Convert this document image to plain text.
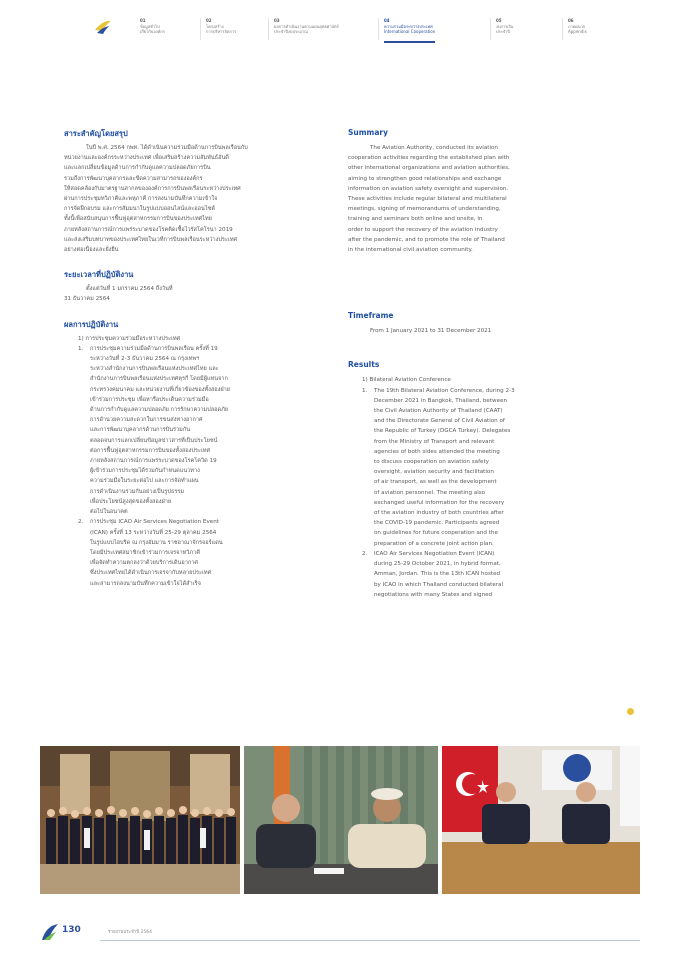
01
ข้อมูลทั่วไป
เกี่ยวกับองค์กร
02
โครงสร้าง
การบริหารจัดการ
03
ผลการดำเนินงานตามแผนยุทธศาสตร์
ประจำปีงบประมาณ
04
ความร่วมมือระหว่างประเทศ
International Cooperation
05
งบการเงิน
ประจำปี
06
ภาคผนวก
Appendix
สาระสำคัญโดยสรุป
ในปี พ.ศ. 2564 กพท. ได้ดำเนินความร่วมมือด้านการบินพลเรือนกับ
หน่วยงานและองค์กรระหว่างประเทศ เพื่อเสริมสร้างความสัมพันธ์อันดี
และแลกเปลี่ยนข้อมูลด้านการกำกับดูแลความปลอดภัยการบิน
รวมถึงการพัฒนาบุคลากรและขีดความสามารถขององค์กร
ให้สอดคล้องกับมาตรฐานสากลขององค์การการบินพลเรือนระหว่างประเทศ
ผ่านการประชุมทวิภาคีและพหุภาคี การลงนามบันทึกความเข้าใจ
การจัดฝึกอบรม และการสัมมนาในรูปแบบออนไลน์และออนไซต์
ทั้งนี้เพื่อสนับสนุนการฟื้นฟูอุตสาหกรรมการบินของประเทศไทย
ภายหลังสถานการณ์การแพร่ระบาดของโรคติดเชื้อไวรัสโคโรนา 2019
และส่งเสริมบทบาทของประเทศไทยในเวทีการบินพลเรือนระหว่างประเทศ
อย่างต่อเนื่องและยั่งยืน
ระยะเวลาที่ปฏิบัติงาน
ตั้งแต่วันที่ 1 มกราคม 2564 ถึงวันที่
31 ธันวาคม 2564
ผลการปฏิบัติงาน
1) การประชุมความร่วมมือระหว่างประเทศ
1. การประชุมความร่วมมือด้านการบินพลเรือน ครั้งที่ 19
ระหว่างวันที่ 2-3 ธันวาคม 2564 ณ กรุงเทพฯ
ระหว่างสำนักงานการบินพลเรือนแห่งประเทศไทย และ
สำนักงานการบินพลเรือนแห่งประเทศตุรกี โดยมีผู้แทนจาก
กระทรวงคมนาคม และหน่วยงานที่เกี่ยวข้องของทั้งสองฝ่าย
เข้าร่วมการประชุม เพื่อหารือประเด็นความร่วมมือ
ด้านการกำกับดูแลความปลอดภัย การรักษาความปลอดภัย
การอำนวยความสะดวกในการขนส่งทางอากาศ
และการพัฒนาบุคลากรด้านการบินร่วมกัน
ตลอดจนการแลกเปลี่ยนข้อมูลข่าวสารที่เป็นประโยชน์
ต่อการฟื้นฟูอุตสาหกรรมการบินของทั้งสองประเทศ
ภายหลังสถานการณ์การแพร่ระบาดของโรคโควิด 19
ผู้เข้าร่วมการประชุมได้ร่วมกันกำหนดแนวทาง
ความร่วมมือในระยะต่อไป และการจัดทำแผน
การดำเนินงานร่วมกันอย่างเป็นรูปธรรม
เพื่อประโยชน์สูงสุดของทั้งสองฝ่าย
ต่อไปในอนาคต
2. การประชุม ICAO Air Services Negotiation Event
(ICAN) ครั้งที่ 13 ระหว่างวันที่ 25-29 ตุลาคม 2564
ในรูปแบบไฮบริด ณ กรุงอัมมาน ราชอาณาจักรจอร์แดน
โดยมีประเทศสมาชิกเข้าร่วมการเจรจาทวิภาคี
เพื่อจัดทำความตกลงว่าด้วยบริการเดินอากาศ
ซึ่งประเทศไทยได้ดำเนินการเจรจากับหลายประเทศ
และสามารถลงนามบันทึกความเข้าใจได้สำเร็จ
Summary
The Aviation Authority, conducted its aviation
cooperation activities regarding the established plan with
other international organizations and aviation authorities,
aiming to strengthen good relationships and exchange
information on aviation safety oversight and supervision.
These activities include regular bilateral and multilateral
meetings, signing of memorandums of understanding,
training and seminars both online and onsite, in
order to support the recovery of the aviation industry
after the pandemic, and to promote the role of Thailand
in the international civil aviation community.
Timeframe
From 1 January 2021 to 31 December 2021
Results
1) Bilateral Aviation Conference
1. The 19th Bilateral Aviation Conference, during 2-3
December 2021 in Bangkok, Thailand, between
the Civil Aviation Authority of Thailand (CAAT)
and the Directorate General of Civil Aviation of
the Republic of Turkey (DGCA Turkey). Delegates
from the Ministry of Transport and relevant
agencies of both sides attended the meeting
to discuss cooperation on aviation safety
oversight, aviation security and facilitation
of air transport, as well as the development
of aviation personnel. The meeting also
exchanged useful information for the recovery
of the aviation industry of both countries after
the COVID-19 pandemic. Participants agreed
on guidelines for future cooperation and the
preparation of a concrete joint action plan.
2. ICAO Air Services Negotiation Event (ICAN)
during 25-29 October 2021, in hybrid format,
Amman, Jordan. This is the 13th ICAN hosted
by ICAO in which Thailand conducted bilateral
negotiations with many States and signed
130	รายงานประจำปี 2564
